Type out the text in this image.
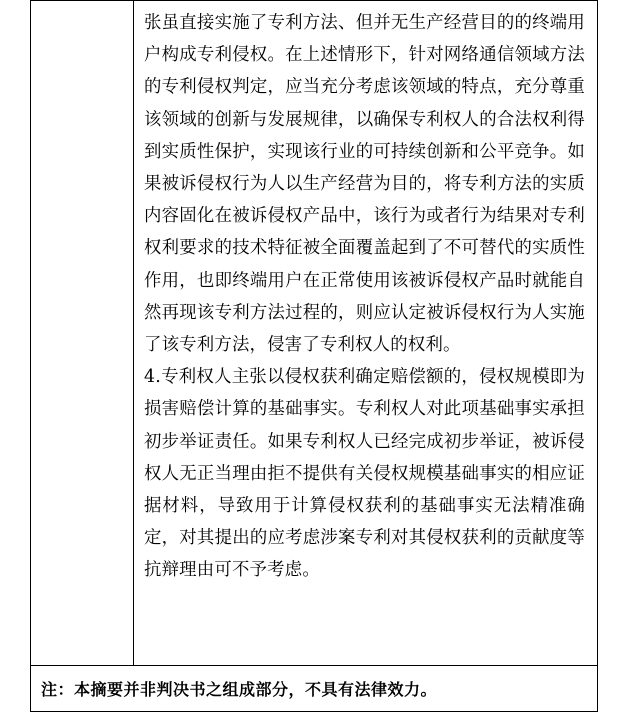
张虽直接实施了专利方法、但并无生产经营目的的终端用户构成专利侵权。在上述情形下，针对网络通信领域方法的专利侵权判定，应当充分考虑该领域的特点，充分尊重该领域的创新与发展规律，以确保专利权人的合法权利得到实质性保护，实现该行业的可持续创新和公平竞争。如果被诉侵权行为人以生产经营为目的，将专利方法的实质内容固化在被诉侵权产品中，该行为或者行为结果对专利权利要求的技术特征被全面覆盖起到了不可替代的实质性作用，也即终端用户在正常使用该被诉侵权产品时就能自然再现该专利方法过程的，则应认定被诉侵权行为人实施了该专利方法，侵害了专利权人的权利。

4.专利权人主张以侵权获利确定赔偿额的，侵权规模即为损害赔偿计算的基础事实。专利权人对此项基础事实承担初步举证责任。如果专利权人已经完成初步举证，被诉侵权人无正当理由拒不提供有关侵权规模基础事实的相应证据材料，导致用于计算侵权获利的基础事实无法精准确定，对其提出的应考虑涉案专利对其侵权获利的贡献度等抗辩理由可不予考虑。

注：本摘要并非判决书之组成部分，不具有法律效力。
